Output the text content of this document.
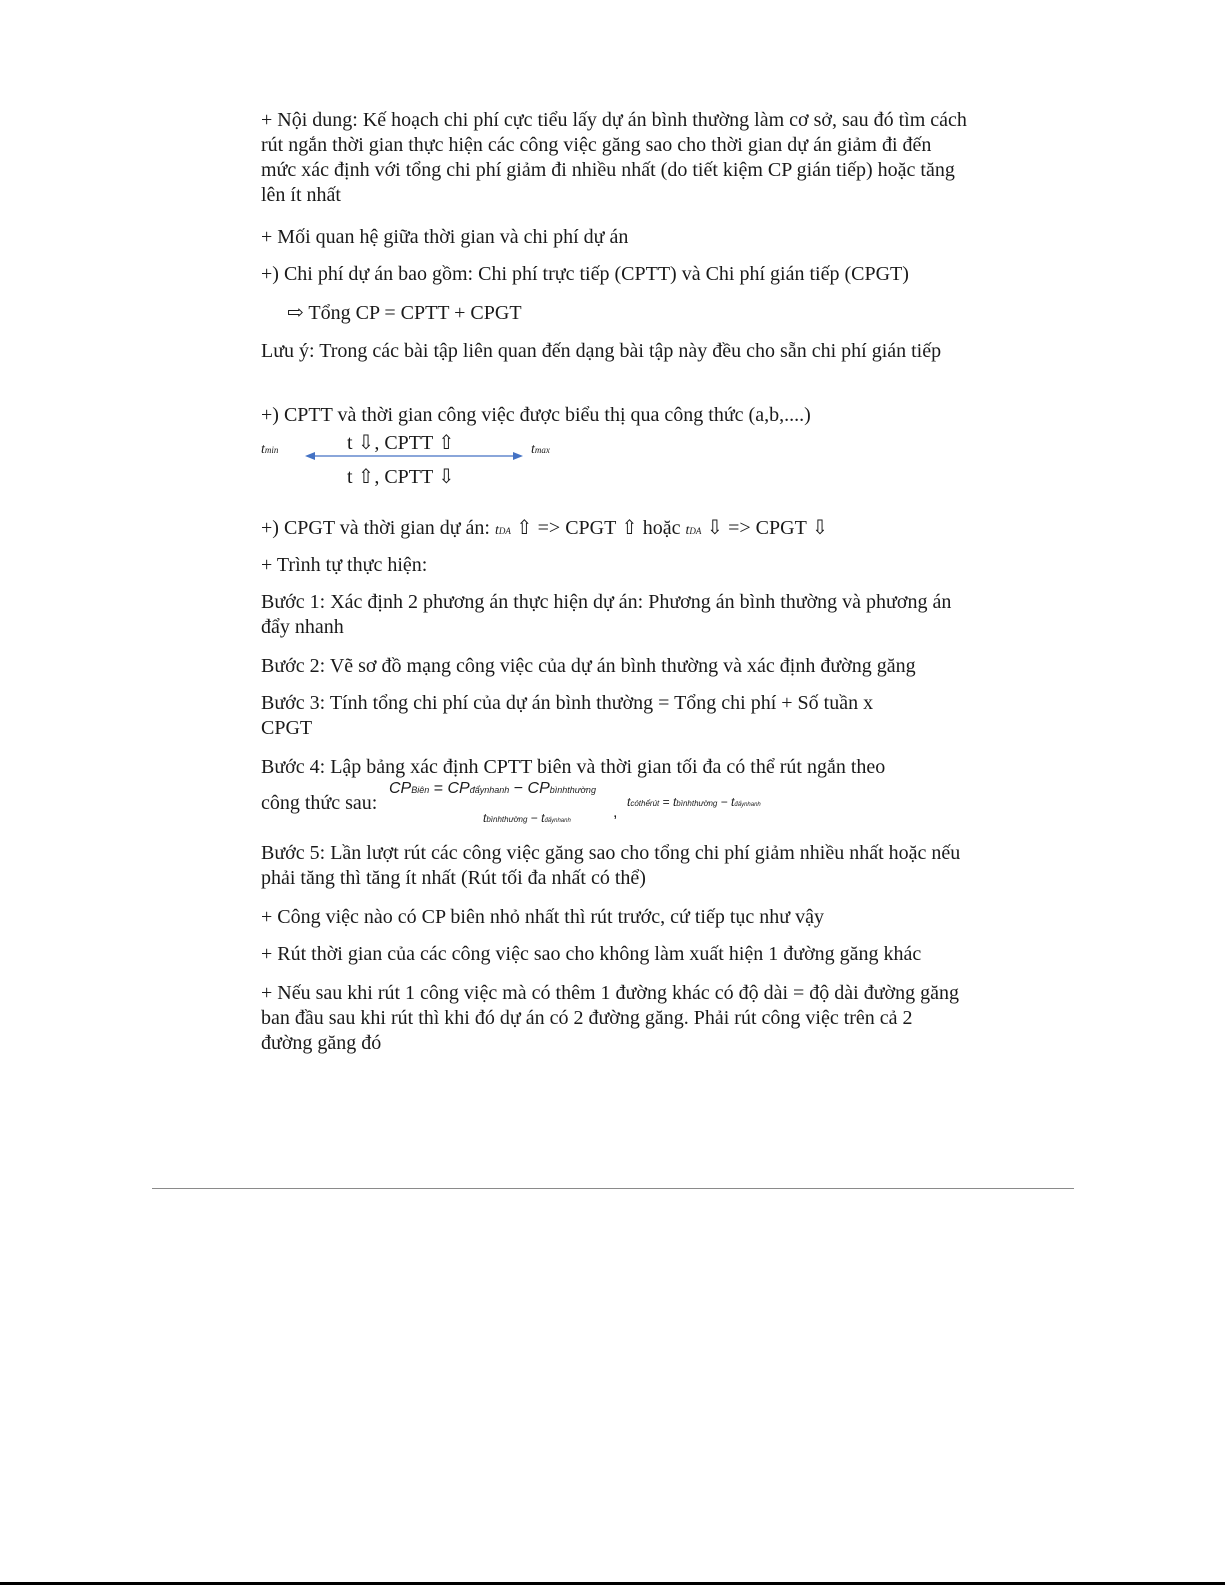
+ Nội dung: Kế hoạch chi phí cực tiểu lấy dự án bình thường làm cơ sở, sau đó tìm cách rút ngắn thời gian thực hiện các công việc găng sao cho thời gian dự án giảm đi đến mức xác định với tổng chi phí giảm đi nhiều nhất (do tiết kiệm CP gián tiếp) hoặc tăng lên ít nhất

+ Mối quan hệ giữa thời gian và chi phí dự án

+) Chi phí dự án bao gồm: Chi phí trực tiếp (CPTT) và Chi phí gián tiếp (CPGT)

⇨ Tổng CP = CPTT + CPGT

Lưu ý: Trong các bài tập liên quan đến dạng bài tập này đều cho sẵn chi phí gián tiếp

+) CPTT và thời gian công việc được biểu thị qua công thức (a,b,....)

tmin	t ⇩, CPTT ⇧	tmax
t ⇧, CPTT ⇩
+) CPGT và thời gian dự án: tDA ⇧ => CPGT ⇧ hoặc tDA ⇩ => CPGT ⇩

+ Trình tự thực hiện:

Bước 1: Xác định 2 phương án thực hiện dự án: Phương án bình thường và phương án đẩy nhanh

Bước 2: Vẽ sơ đồ mạng công việc của dự án bình thường và xác định đường găng

Bước 3: Tính tổng chi phí của dự án bình thường = Tổng chi phí + Số tuần x CPGT

Bước 4: Lập bảng xác định CPTT biên và thời gian tối đa có thể rút ngắn theo

công thức sau:

CPBiên = CPđẩynhanh − CPbìnhthường
tbìnhthường − tđẩynhanh	,
tcóthểrút = tbìnhthường − tđẩynhanh

Bước 5: Lần lượt rút các công việc găng sao cho tổng chi phí giảm nhiều nhất hoặc nếu phải tăng thì tăng ít nhất (Rút tối đa nhất có thể)

+ Công việc nào có CP biên nhỏ nhất thì rút trước, cứ tiếp tục như vậy

+ Rút thời gian của các công việc sao cho không làm xuất hiện 1 đường găng khác

+ Nếu sau khi rút 1 công việc mà có thêm 1 đường khác có độ dài = độ dài đường găng ban đầu sau khi rút thì khi đó dự án có 2 đường găng. Phải rút công việc trên cả 2 đường găng đó
